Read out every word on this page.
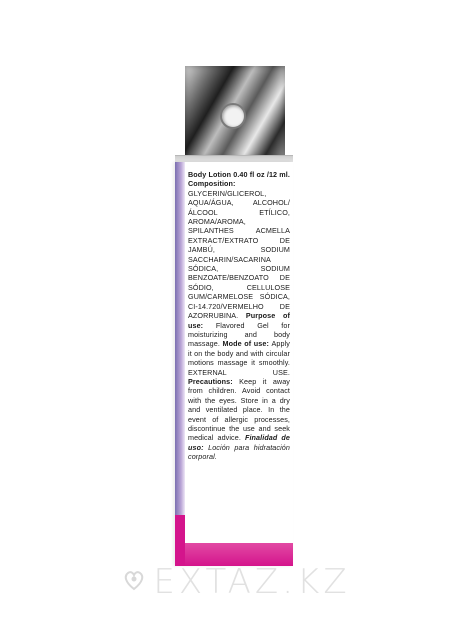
Body Lotion 0.40 fl oz /12 ml. Composition: GLYCERIN/GLICEROL, AQUA/ÁGUA, ALCOHOL/ÁLCOOL ETÍLICO, AROMA/AROMA, SPILANTHES ACMELLA EXTRACT/EXTRATO DE JAMBÚ, SODIUM SACCHARIN/SACARINA SÓDICA, SODIUM BENZOATE/BENZOATO DE SÓDIO, CELLULOSE GUM/CARMELOSE SÓDICA, CI-14.720/VERMELHO DE AZORRUBINA. Purpose of use: Flavored Gel for moisturizing and body massage. Mode of use: Apply it on the body and with circular motions massage it smoothly. EXTERNAL USE. Precautions: Keep it away from children. Avoid contact with the eyes. Store in a dry and ventilated place. In the event of allergic processes, discontinue the use and seek medical advice. Finalidad de uso: Loción para hidratación corporal.
EXTAZ.KZ
